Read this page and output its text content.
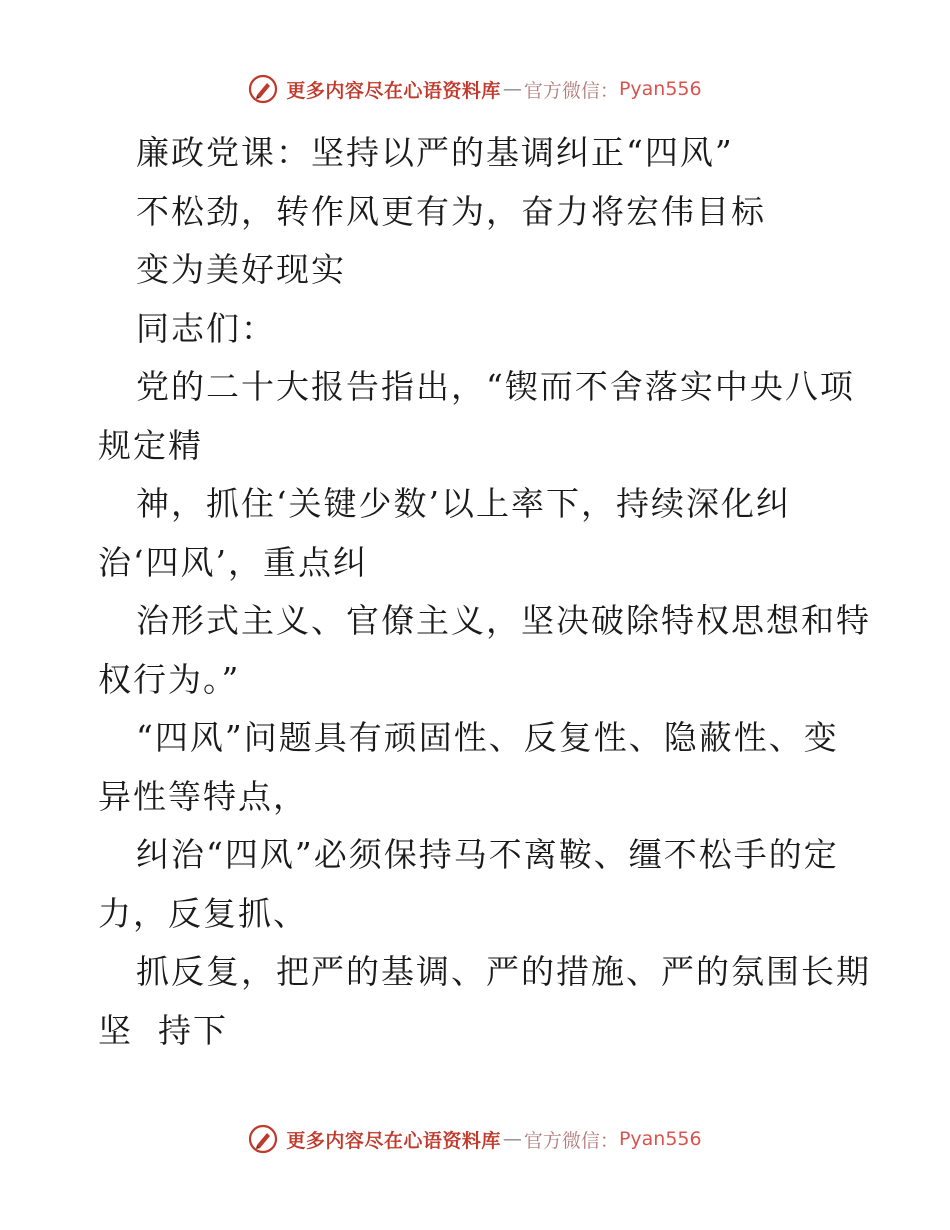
更多内容尽在心语资料库 — 官方微信： Pyan556
廉政党课：坚持以严的基调纠正“四风”
不松劲，转作风更有为，奋力将宏伟目标
变为美好现实
同志们：
党的二十大报告指出，“锲而不舍落实中央八项
规定精
神，抓住‘关键少数’以上率下，持续深化纠
治‘四风’，重点纠
治形式主义、官僚主义，坚决破除特权思想和特
权行为。”
“四风”问题具有顽固性、反复性、隐蔽性、变
异性等特点，
纠治“四风”必须保持马不离鞍、缰不松手的定
力，反复抓、
抓反复，把严的基调、严的措施、严的氛围长期
坚  持下
更多内容尽在心语资料库 — 官方微信： Pyan556
